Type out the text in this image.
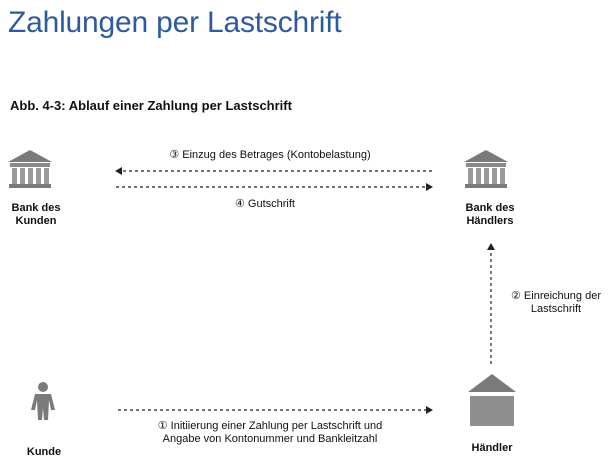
Zahlungen per Lastschrift
Abb. 4-3: Ablauf einer Zahlung per Lastschrift
Bank des Kunden
Bank des Händlers
Kunde	Händler
③ Einzug des Betrages (Kontobelastung)
④ Gutschrift
② Einreichung der Lastschrift
① Initiierung einer Zahlung per Lastschrift und Angabe von Kontonummer und Bankleitzahl
